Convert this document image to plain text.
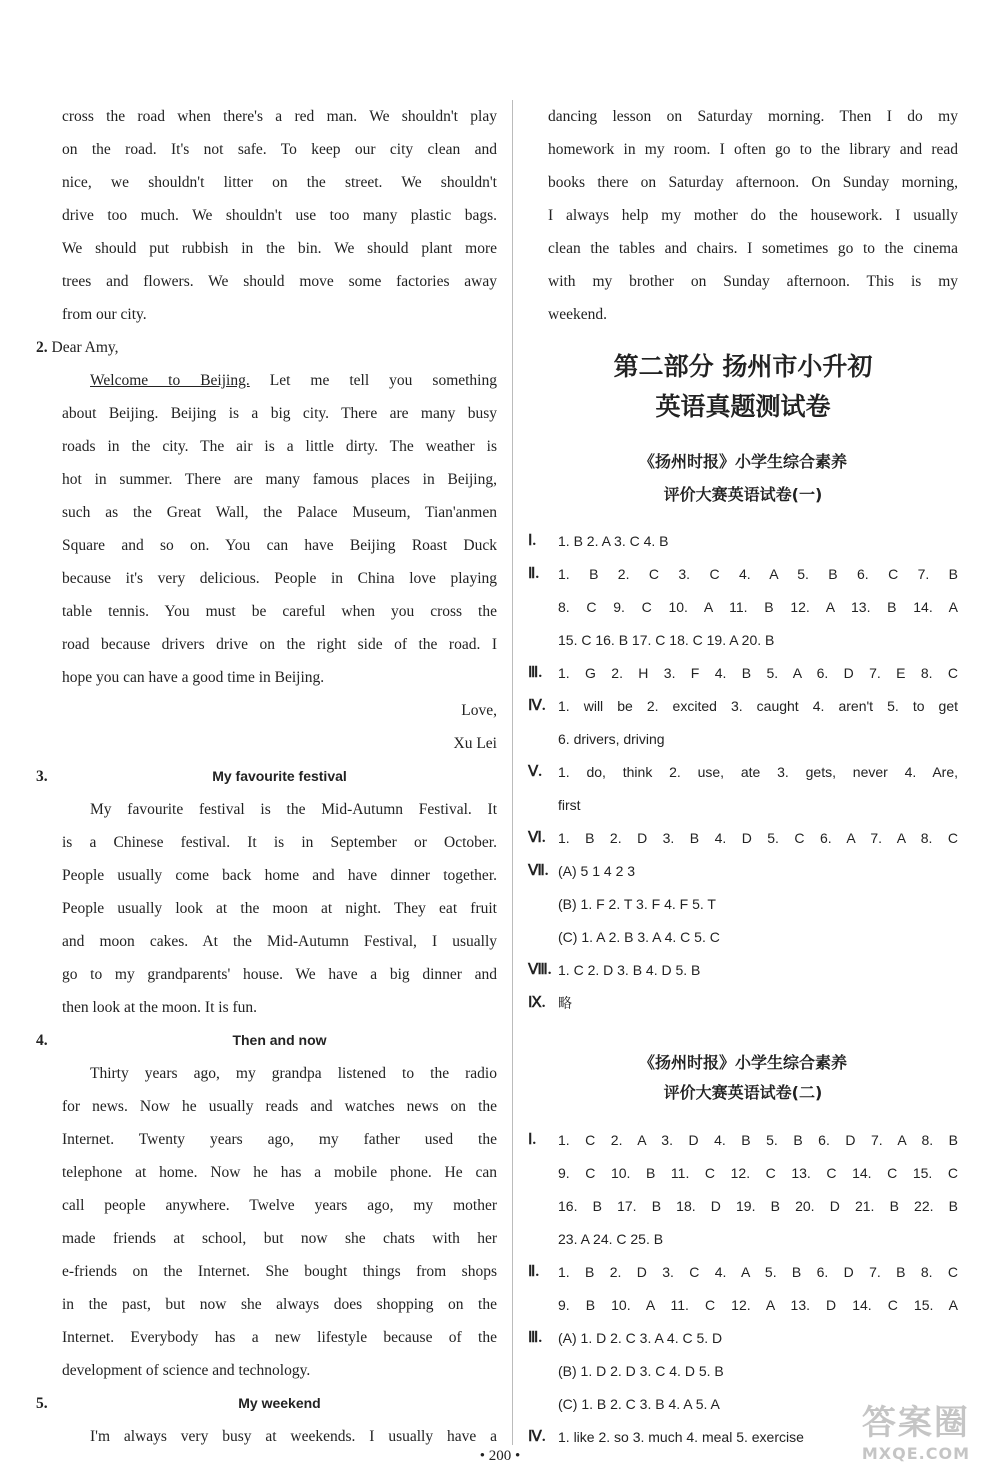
cross the road when there's a red man. We shouldn't play
on the road. It's not safe. To keep our city clean and
nice, we shouldn't litter on the street. We shouldn't
drive too much. We shouldn't use too many plastic bags.
We should put rubbish in the bin. We should plant more
trees and flowers. We should move some factories away
from our city.
2. Dear Amy,
Welcome to Beijing. Let me tell you something
about Beijing. Beijing is a big city. There are many busy
roads in the city. The air is a little dirty. The weather is
hot in summer. There are many famous places in Beijing,
such as the Great Wall, the Palace Museum, Tian'anmen
Square and so on. You can have Beijing Roast Duck
because it's very delicious. People in China love playing
table tennis. You must be careful when you cross the
road because drivers drive on the right side of the road. I
hope you can have a good time in Beijing.
Love,
Xu Lei
3.	My favourite festival
My favourite festival is the Mid-Autumn Festival. It
is a Chinese festival. It is in September or October.
People usually come back home and have dinner together.
People usually look at the moon at night. They eat fruit
and moon cakes. At the Mid-Autumn Festival, I usually
go to my grandparents' house. We have a big dinner and
then look at the moon. It is fun.
4.	Then and now
Thirty years ago, my grandpa listened to the radio
for news. Now he usually reads and watches news on the
Internet. Twenty years ago, my father used the
telephone at home. Now he has a mobile phone. He can
call people anywhere. Twelve years ago, my mother
made friends at school, but now she chats with her
e-friends on the Internet. She bought things from shops
in the past, but now she always does shopping on the
Internet. Everybody has a new lifestyle because of the
development of science and technology.
5.	My weekend
I'm always very busy at weekends. I usually have a
dancing lesson on Saturday morning. Then I do my
homework in my room. I often go to the library and read
books there on Saturday afternoon. On Sunday morning,
I always help my mother do the housework. I usually
clean the tables and chairs. I sometimes go to the cinema
with my brother on Sunday afternoon. This is my
weekend.
第二部分 扬州市小升初
英语真题测试卷
《扬州时报》小学生综合素养
评价大赛英语试卷(一)
Ⅰ. 1. B 2. A 3. C 4. B
Ⅱ. 1. B 2. C 3. C 4. A 5. B 6. C 7. B
8. C 9. C 10. A 11. B 12. A 13. B 14. A
15. C 16. B 17. C 18. C 19. A 20. B
Ⅲ. 1. G 2. H 3. F 4. B 5. A 6. D 7. E 8. C
Ⅳ. 1. will be 2. excited 3. caught 4. aren't 5. to get
6. drivers, driving
Ⅴ. 1. do, think 2. use, ate 3. gets, never 4. Are,
first
Ⅵ. 1. B 2. D 3. B 4. D 5. C 6. A 7. A 8. C
Ⅶ. (A) 5 1 4 2 3
(B) 1. F 2. T 3. F 4. F 5. T
(C) 1. A 2. B 3. A 4. C 5. C
Ⅷ. 1. C 2. D 3. B 4. D 5. B
Ⅸ. 略
《扬州时报》小学生综合素养
评价大赛英语试卷(二)
Ⅰ. 1. C 2. A 3. D 4. B 5. B 6. D 7. A 8. B
9. C 10. B 11. C 12. C 13. C 14. C 15. C
16. B 17. B 18. D 19. B 20. D 21. B 22. B
23. A 24. C 25. B
Ⅱ. 1. B 2. D 3. C 4. A 5. B 6. D 7. B 8. C
9. B 10. A 11. C 12. A 13. D 14. C 15. A
Ⅲ. (A) 1. D 2. C 3. A 4. C 5. D
(B) 1. D 2. D 3. C 4. D 5. B
(C) 1. B 2. C 3. B 4. A 5. A
Ⅳ. 1. like 2. so 3. much 4. meal 5. exercise
• 200 •
答案圈
MXQE.COM
